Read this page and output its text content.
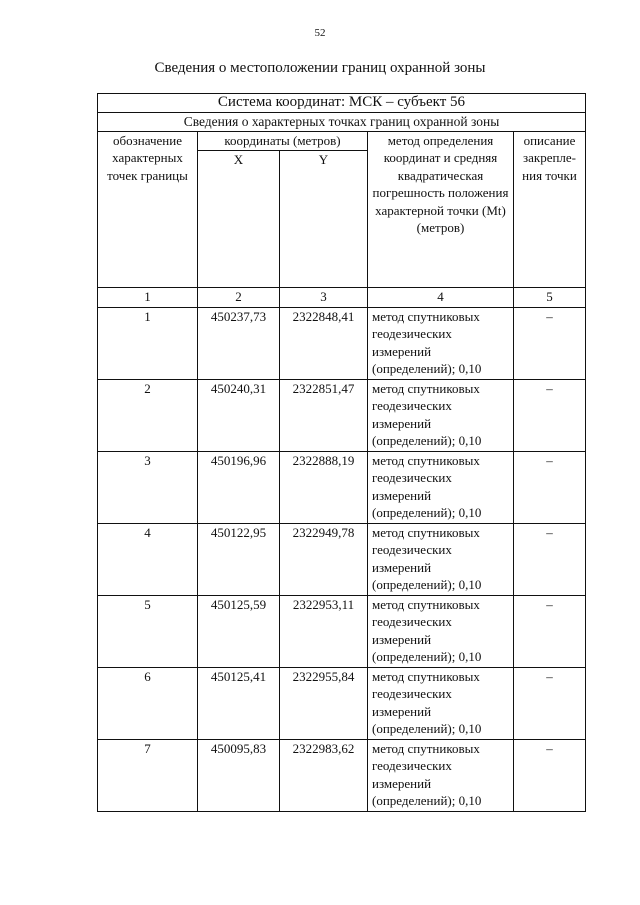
52
Сведения о местоположении границ охранной зоны
Система координат: МСК – субъект 56				
Сведения о характерных точках границ охранной зоны				
обозначение характерных точек границы	координаты (метров)		метод определения координат и средняя квадратическая погрешность положения характерной точки (Mt) (метров)	описание закрепле-ния точки
	X	Y		
1	2	3	4	5
1	450237,73	2322848,41	метод спутниковых геодезических измерений (определений); 0,10	–
2	450240,31	2322851,47	метод спутниковых геодезических измерений (определений); 0,10	–
3	450196,96	2322888,19	метод спутниковых геодезических измерений (определений); 0,10	–
4	450122,95	2322949,78	метод спутниковых геодезических измерений (определений); 0,10	–
5	450125,59	2322953,11	метод спутниковых геодезических измерений (определений); 0,10	–
6	450125,41	2322955,84	метод спутниковых геодезических измерений (определений); 0,10	–
7	450095,83	2322983,62	метод спутниковых геодезических измерений (определений); 0,10	–
